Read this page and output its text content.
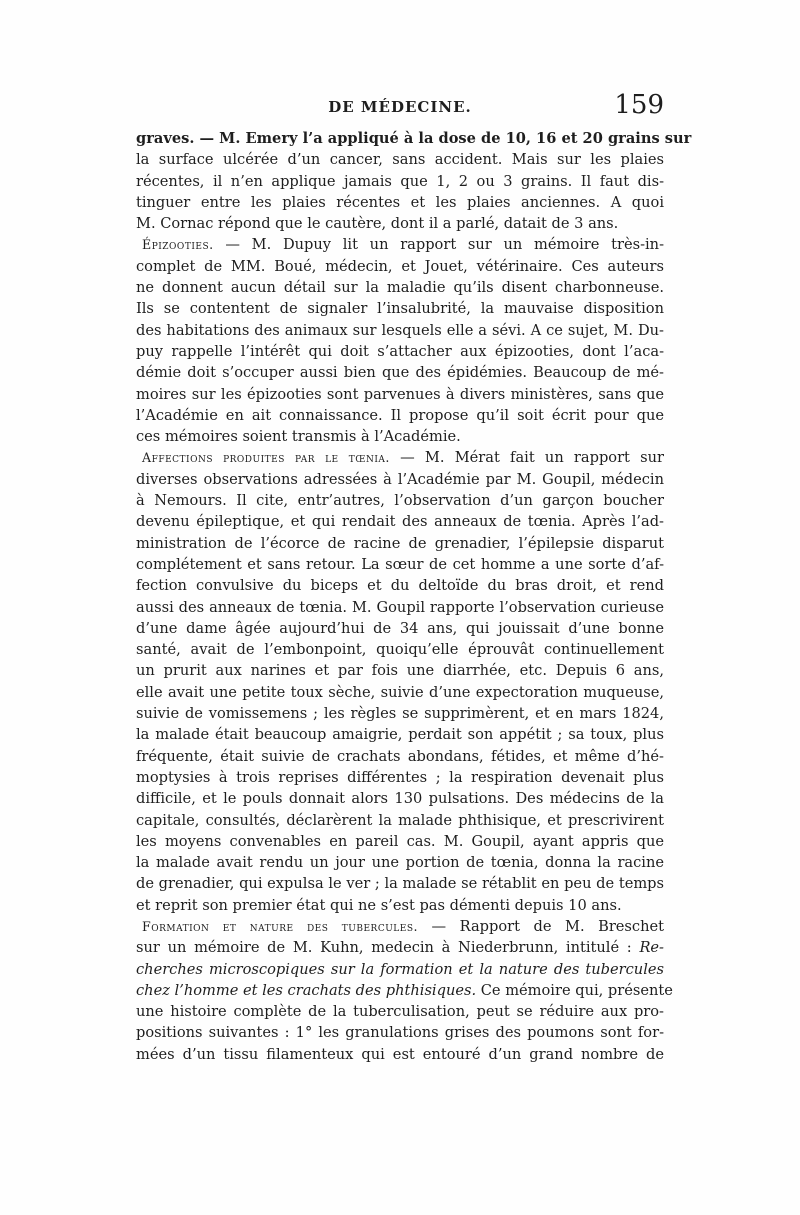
DE MÉDECINE.	159
graves. — M. Emery l’a appliqué à la dose de 10, 16 et 20 grains sur
la surface ulcérée d’un cancer, sans accident. Mais sur les plaies
récentes, il n’en applique jamais que 1, 2 ou 3 grains. Il faut dis-
tinguer entre les plaies récentes et les plaies anciennes. A quoi
M. Cornac répond que le cautère, dont il a parlé, datait de 3 ans.
Épizooties. — M. Dupuy lit un rapport sur un mémoire très-in-
complet de MM. Boué, médecin, et Jouet, vétérinaire. Ces auteurs
ne donnent aucun détail sur la maladie qu’ils disent charbonneuse.
Ils se contentent de signaler l’insalubrité, la mauvaise disposition
des habitations des animaux sur lesquels elle a sévi. A ce sujet, M. Du-
puy rappelle l’intérêt qui doit s’attacher aux épizooties, dont l’aca-
démie doit s’occuper aussi bien que des épidémies. Beaucoup de mé-
moires sur les épizooties sont parvenues à divers ministères, sans que
l’Académie en ait connaissance. Il propose qu’il soit écrit pour que
ces mémoires soient transmis à l’Académie.
Affections produites par le tœnia. — M. Mérat fait un rapport sur
diverses observations adressées à l’Académie par M. Goupil, médecin
à Nemours. Il cite, entr’autres, l’observation d’un garçon boucher
devenu épileptique, et qui rendait des anneaux de tœnia. Après l’ad-
ministration de l’écorce de racine de grenadier, l’épilepsie disparut
complétement et sans retour. La sœur de cet homme a une sorte d’af-
fection convulsive du biceps et du deltoïde du bras droit, et rend
aussi des anneaux de tœnia. M. Goupil rapporte l’observation curieuse
d’une dame âgée aujourd’hui de 34 ans, qui jouissait d’une bonne
santé, avait de l’embonpoint, quoiqu’elle éprouvât continuellement
un prurit aux narines et par fois une diarrhée, etc. Depuis 6 ans,
elle avait une petite toux sèche, suivie d’une expectoration muqueuse,
suivie de vomissemens ; les règles se supprimèrent, et en mars 1824,
la malade était beaucoup amaigrie, perdait son appétit ; sa toux, plus
fréquente, était suivie de crachats abondans, fétides, et même d’hé-
moptysies à trois reprises différentes ; la respiration devenait plus
difficile, et le pouls donnait alors 130 pulsations. Des médecins de la
capitale, consultés, déclarèrent la malade phthisique, et prescrivirent
les moyens convenables en pareil cas. M. Goupil, ayant appris que
la malade avait rendu un jour une portion de tœnia, donna la racine
de grenadier, qui expulsa le ver ; la malade se rétablit en peu de temps
et reprit son premier état qui ne s’est pas démenti depuis 10 ans.
Formation et nature des tubercules. — Rapport de M. Breschet
sur un mémoire de M. Kuhn, medecin à Niederbrunn, intitulé : Re-
cherches microscopiques sur la formation et la nature des tubercules
chez l’homme et les crachats des phthisiques. Ce mémoire qui, présente
une histoire complète de la tuberculisation, peut se réduire aux pro-
positions suivantes : 1° les granulations grises des poumons sont for-
mées d’un tissu filamenteux qui est entouré d’un grand nombre de
